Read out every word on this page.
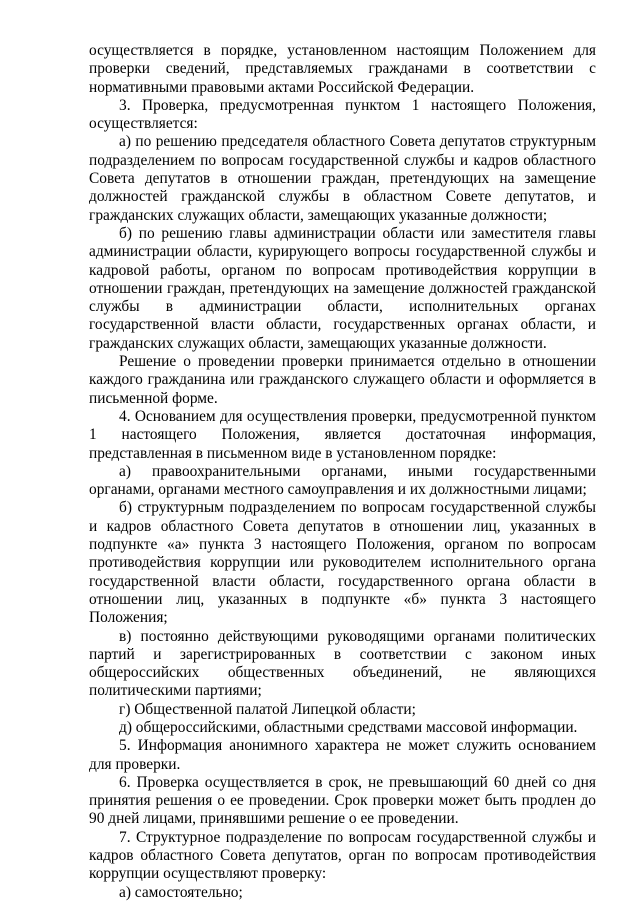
осуществляется в порядке, установленном настоящим Положением для проверки сведений, представляемых гражданами в соответствии с нормативными правовыми актами Российской Федерации.

3. Проверка, предусмотренная пунктом 1 настоящего Положения, осуществляется:

а) по решению председателя областного Совета депутатов структурным подразделением по вопросам государственной службы и кадров областного Совета депутатов в отношении граждан, претендующих на замещение должностей гражданской службы в областном Совете депутатов, и гражданских служащих области, замещающих указанные должности;

б) по решению главы администрации области или заместителя главы администрации области, курирующего вопросы государственной службы и кадровой работы, органом по вопросам противодействия коррупции в отношении граждан, претендующих на замещение должностей гражданской службы в администрации области, исполнительных органах государственной власти области, государственных органах области, и гражданских служащих области, замещающих указанные должности.

Решение о проведении проверки принимается отдельно в отношении каждого гражданина или гражданского служащего области и оформляется в письменной форме.

4. Основанием для осуществления проверки, предусмотренной пунктом 1 настоящего Положения, является достаточная информация, представленная в письменном виде в установленном порядке:

а) правоохранительными органами, иными государственными органами, органами местного самоуправления и их должностными лицами;

б) структурным подразделением по вопросам государственной службы и кадров областного Совета депутатов в отношении лиц, указанных в подпункте «а» пункта 3 настоящего Положения, органом по вопросам противодействия коррупции или руководителем исполнительного органа государственной власти области, государственного органа области в отношении лиц, указанных в подпункте «б» пункта 3 настоящего Положения;

в) постоянно действующими руководящими органами политических партий и зарегистрированных в соответствии с законом иных общероссийских общественных объединений, не являющихся политическими партиями;

г) Общественной палатой Липецкой области;

д) общероссийскими, областными средствами массовой информации.

5. Информация анонимного характера не может служить основанием для проверки.

6. Проверка осуществляется в срок, не превышающий 60 дней со дня принятия решения о ее проведении. Срок проверки может быть продлен до 90 дней лицами, принявшими решение о ее проведении.

7. Структурное подразделение по вопросам государственной службы и кадров областного Совета депутатов, орган по вопросам противодействия коррупции осуществляют проверку:

а) самостоятельно;
